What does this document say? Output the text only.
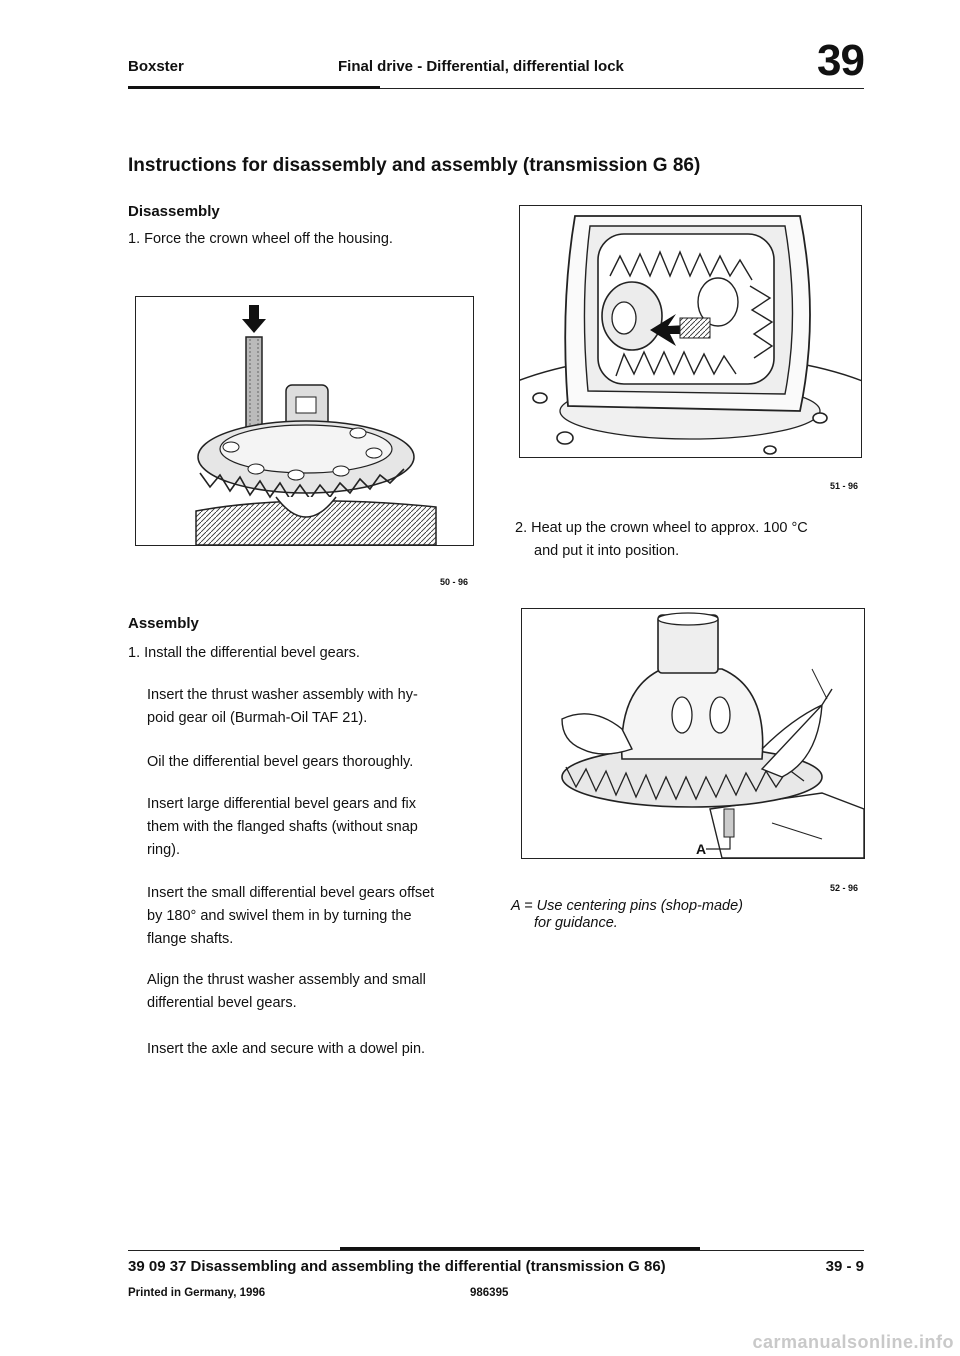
Boxster	Final drive - Differential, differential lock	39
Instructions for disassembly and assembly (transmission G 86)
Disassembly
1. Force the crown wheel off the housing.
50 - 96
Assembly
1. Install the differential bevel gears.
Insert the thrust washer assembly with hy-
poid gear oil (Burmah-Oil TAF 21).
Oil the differential bevel gears thoroughly.
Insert large differential bevel gears and fix
them with the flanged shafts (without snap
ring).
Insert the small differential bevel gears offset
by 180° and swivel them in by turning the
flange shafts.
Align the thrust washer assembly and small
differential bevel gears.
Insert the axle and secure with a dowel pin.
51 - 96
2. Heat up the crown wheel to approx. 100 °C
and put it into position.
A
52 - 96
A = Use centering pins (shop-made)
for guidance.
39 09 37 Disassembling and assembling the differential (transmission G 86)	39 - 9
Printed in Germany, 1996	986395
carmanualsonline.info
